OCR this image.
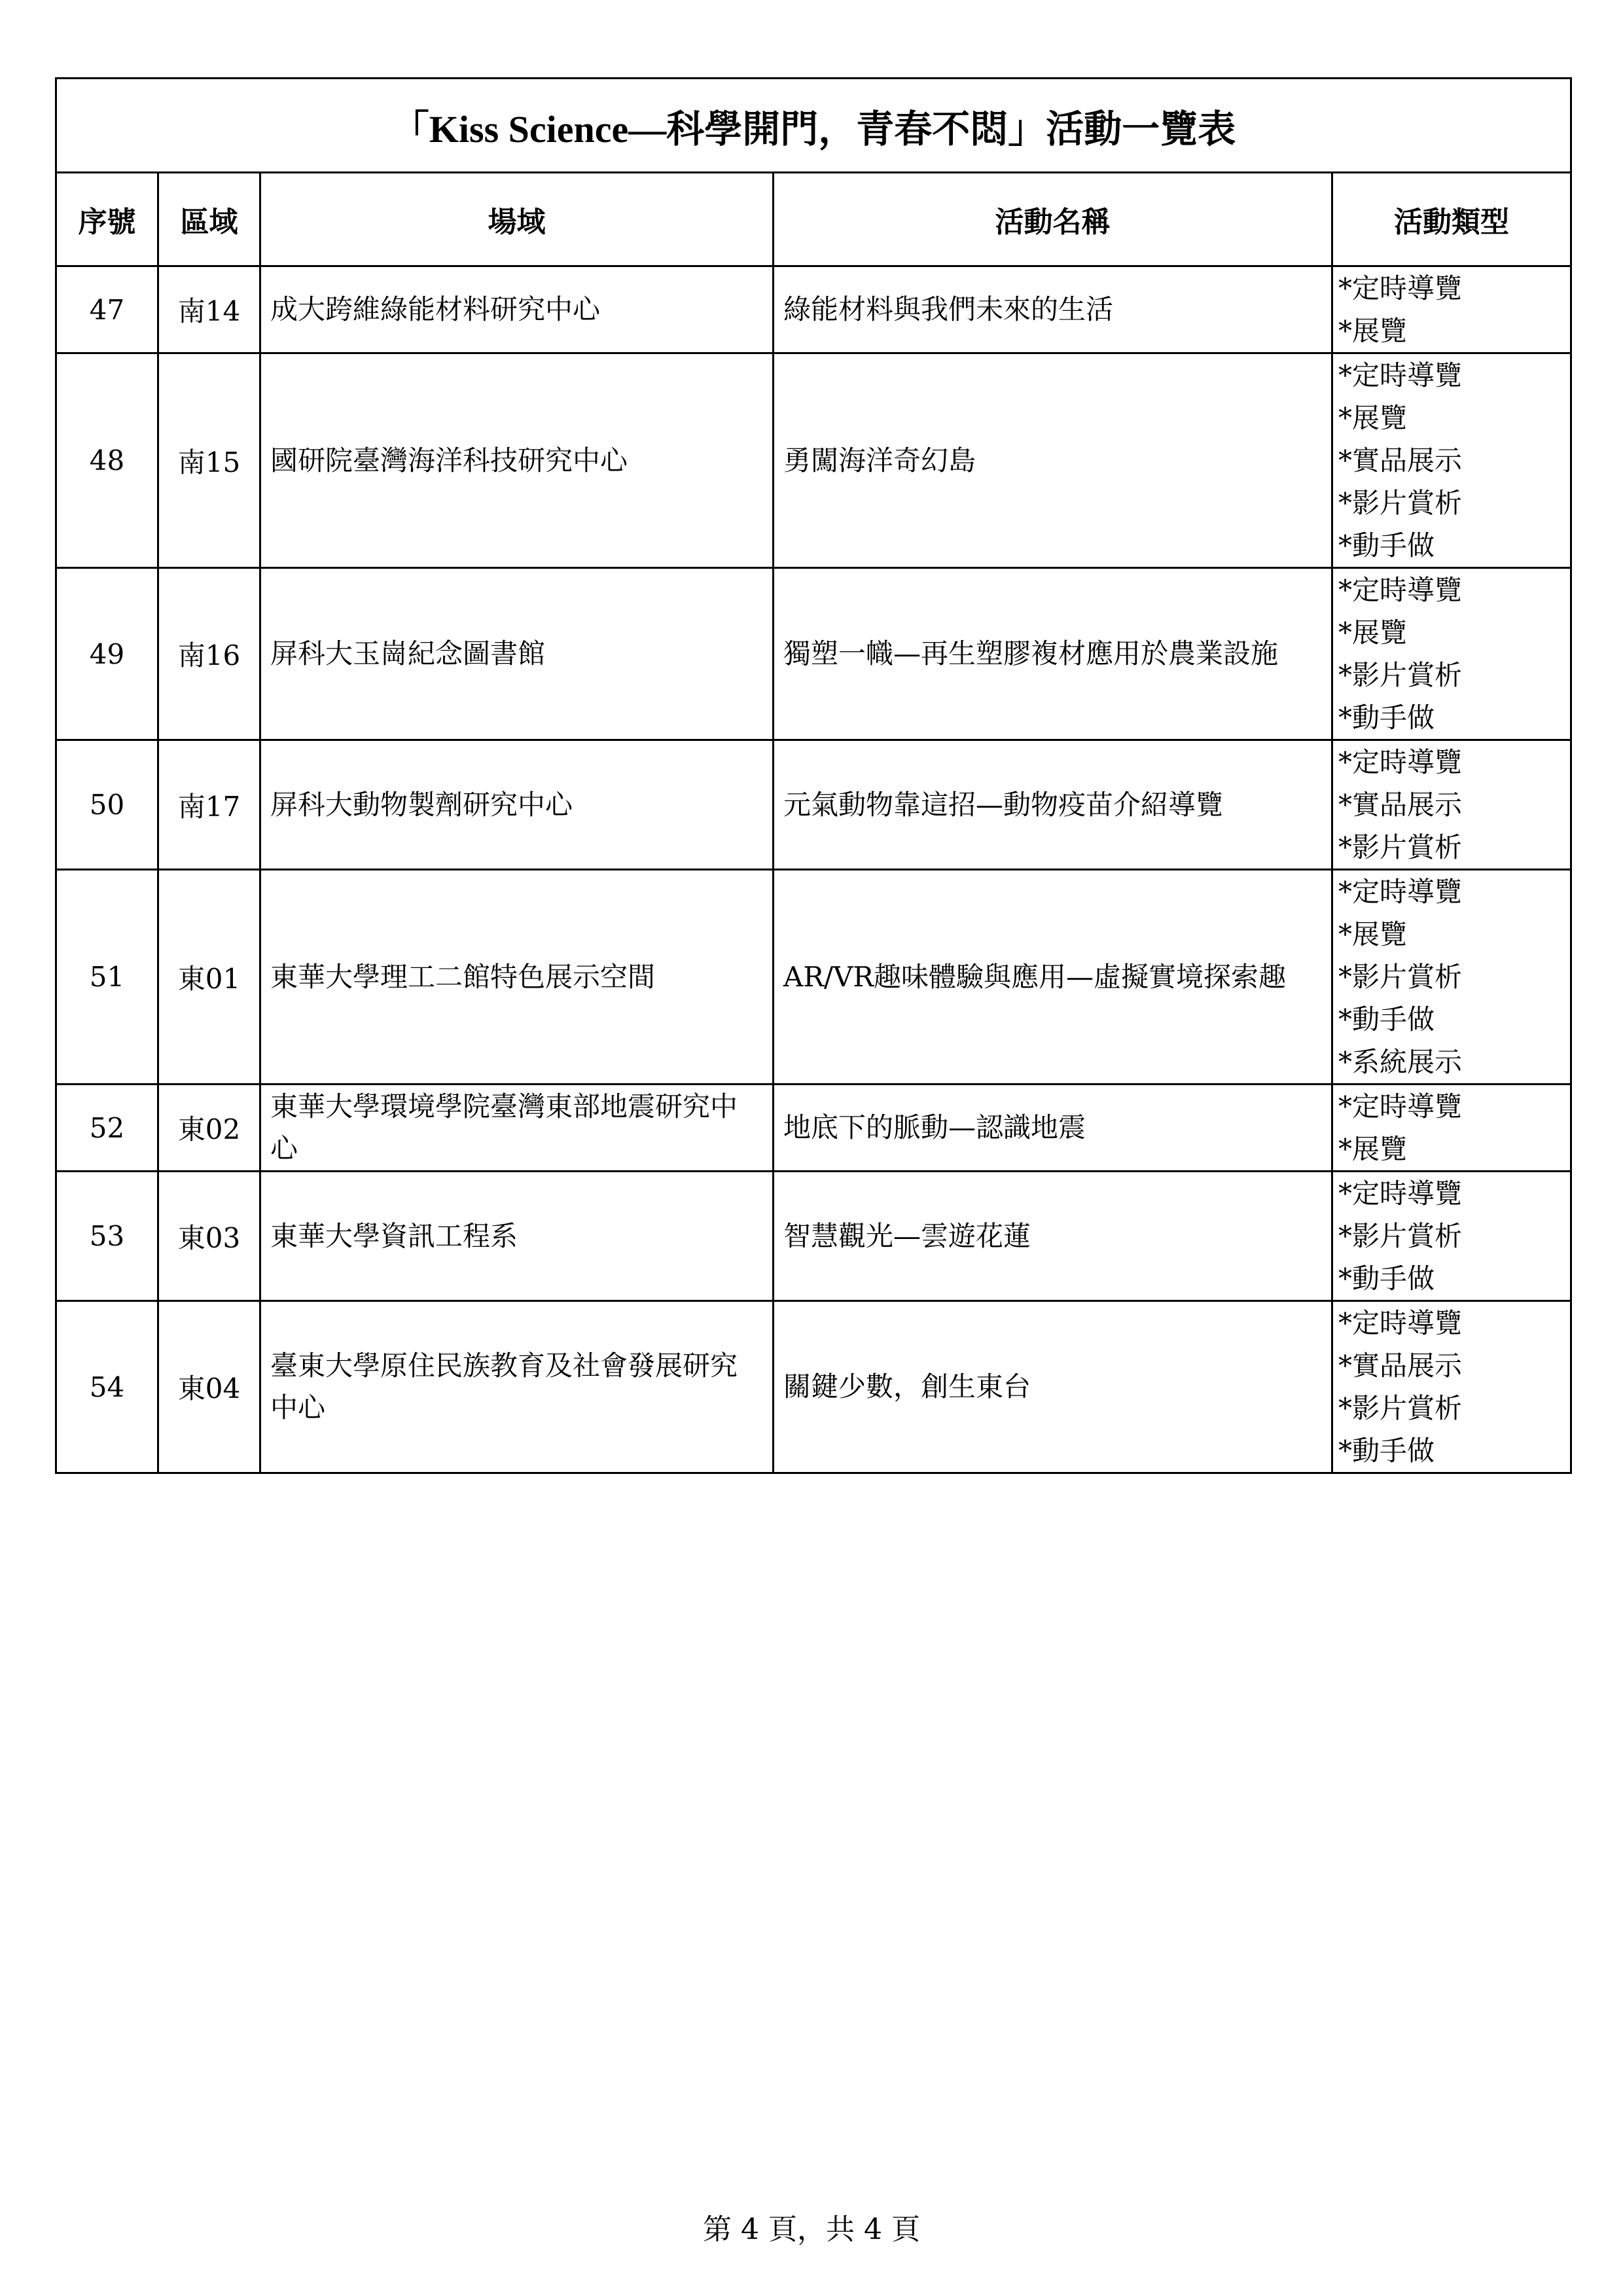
「Kiss Science—科學開門，青春不悶」活動一覽表				
序號	區域	場域	活動名稱	活動類型
47	南14	成大跨維綠能材料研究中心	綠能材料與我們未來的生活	*定時導覽
*展覽

48	南15	國研院臺灣海洋科技研究中心	勇闖海洋奇幻島	*定時導覽
*展覽
*實品展示
*影片賞析
*動手做

49	南16	屏科大玉崗紀念圖書館	獨塑一幟—再生塑膠複材應用於農業設施	*定時導覽
*展覽
*影片賞析
*動手做

50	南17	屏科大動物製劑研究中心	元氣動物靠這招—動物疫苗介紹導覽	*定時導覽
*實品展示
*影片賞析

51	東01	東華大學理工二館特色展示空間	AR/VR趣味體驗與應用—虛擬實境探索趣	*定時導覽
*展覽
*影片賞析
*動手做
*系統展示

52	東02	東華大學環境學院臺灣東部地震研究中心	地底下的脈動—認識地震	*定時導覽
*展覽

53	東03	東華大學資訊工程系	智慧觀光—雲遊花蓮	*定時導覽
*影片賞析
*動手做

54	東04	臺東大學原住民族教育及社會發展研究中心	關鍵少數，創生東台	*定時導覽
*實品展示
*影片賞析
*動手做
第 4 頁，共 4 頁
